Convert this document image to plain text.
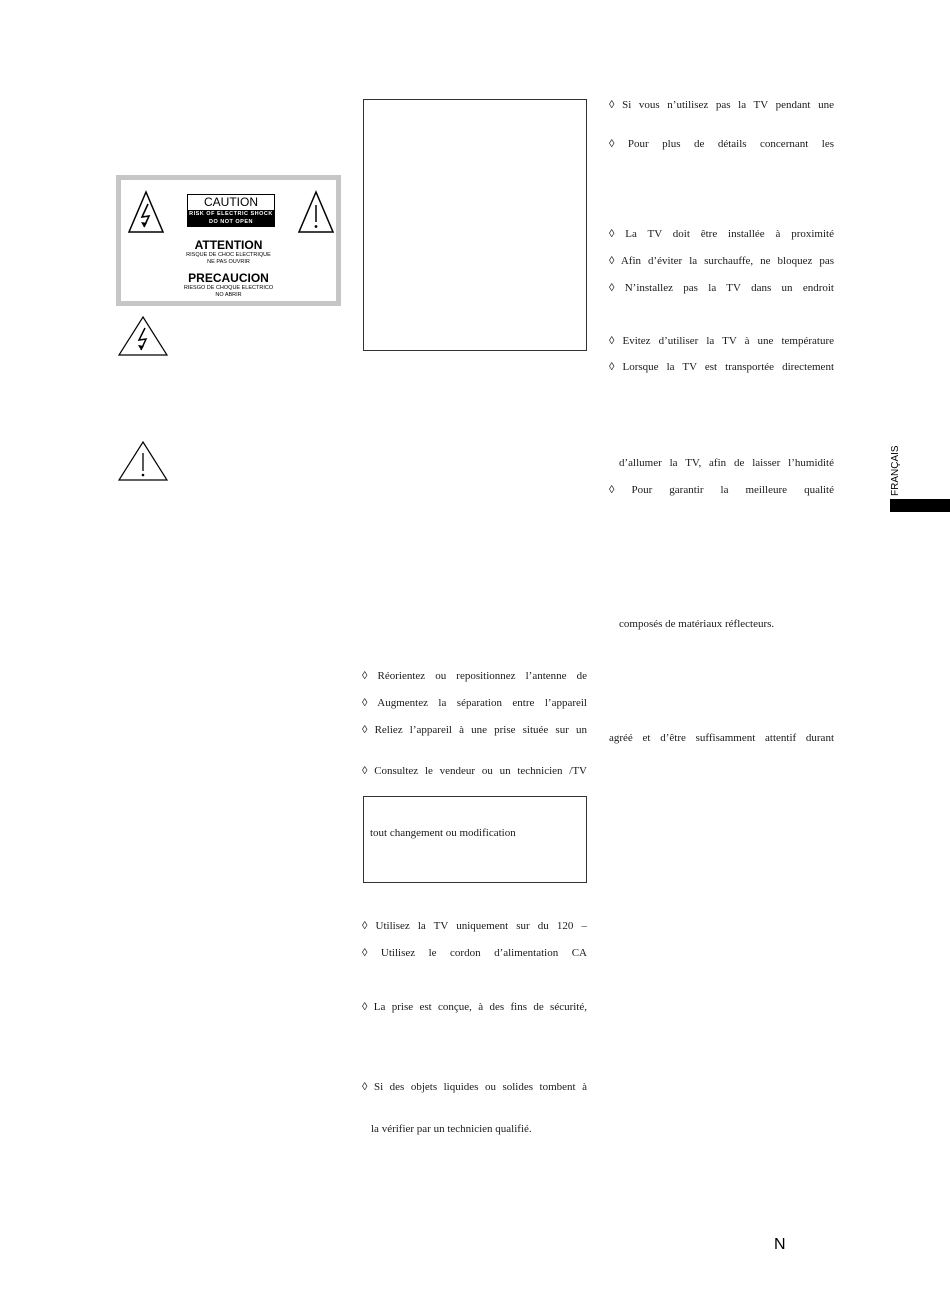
CAUTION
RISK OF ELECTRIC SHOCK
DO NOT OPEN
ATTENTION
RISQUE DE CHOC ELECTRIQUE
NE PAS OUVRIR
PRECAUCION
RIESGO DE CHOQUE ELECTRICO
NO ABRIR
◊ Réorientez ou repositionnez l’antenne de
◊ Augmentez la séparation entre l’appareil
◊ Reliez l’appareil à une prise située sur un
◊ Consultez le vendeur ou un technicien /TV
tout changement ou modification
◊ Utilisez la TV uniquement sur du 120 –
◊ Utilisez le cordon d’alimentation CA
◊ La prise est conçue, à des fins de sécurité,
◊ Si des objets liquides ou solides tombent à
la vérifier par un technicien qualifié.
◊ Si vous n’utilisez pas la TV pendant une
◊ Pour plus de détails concernant les
◊ La TV doit être installée à proximité
◊ Afin d’éviter la surchauffe, ne bloquez pas
◊ N’installez pas la TV dans un endroit
◊ Evitez d’utiliser la TV à une température
◊ Lorsque la TV est transportée directement
d’allumer la TV, afin de laisser l’humidité
◊ Pour garantir la meilleure qualité
composés de matériaux réflecteurs.
agréé et d’être suffisamment attentif durant
FRANÇAIS
N
